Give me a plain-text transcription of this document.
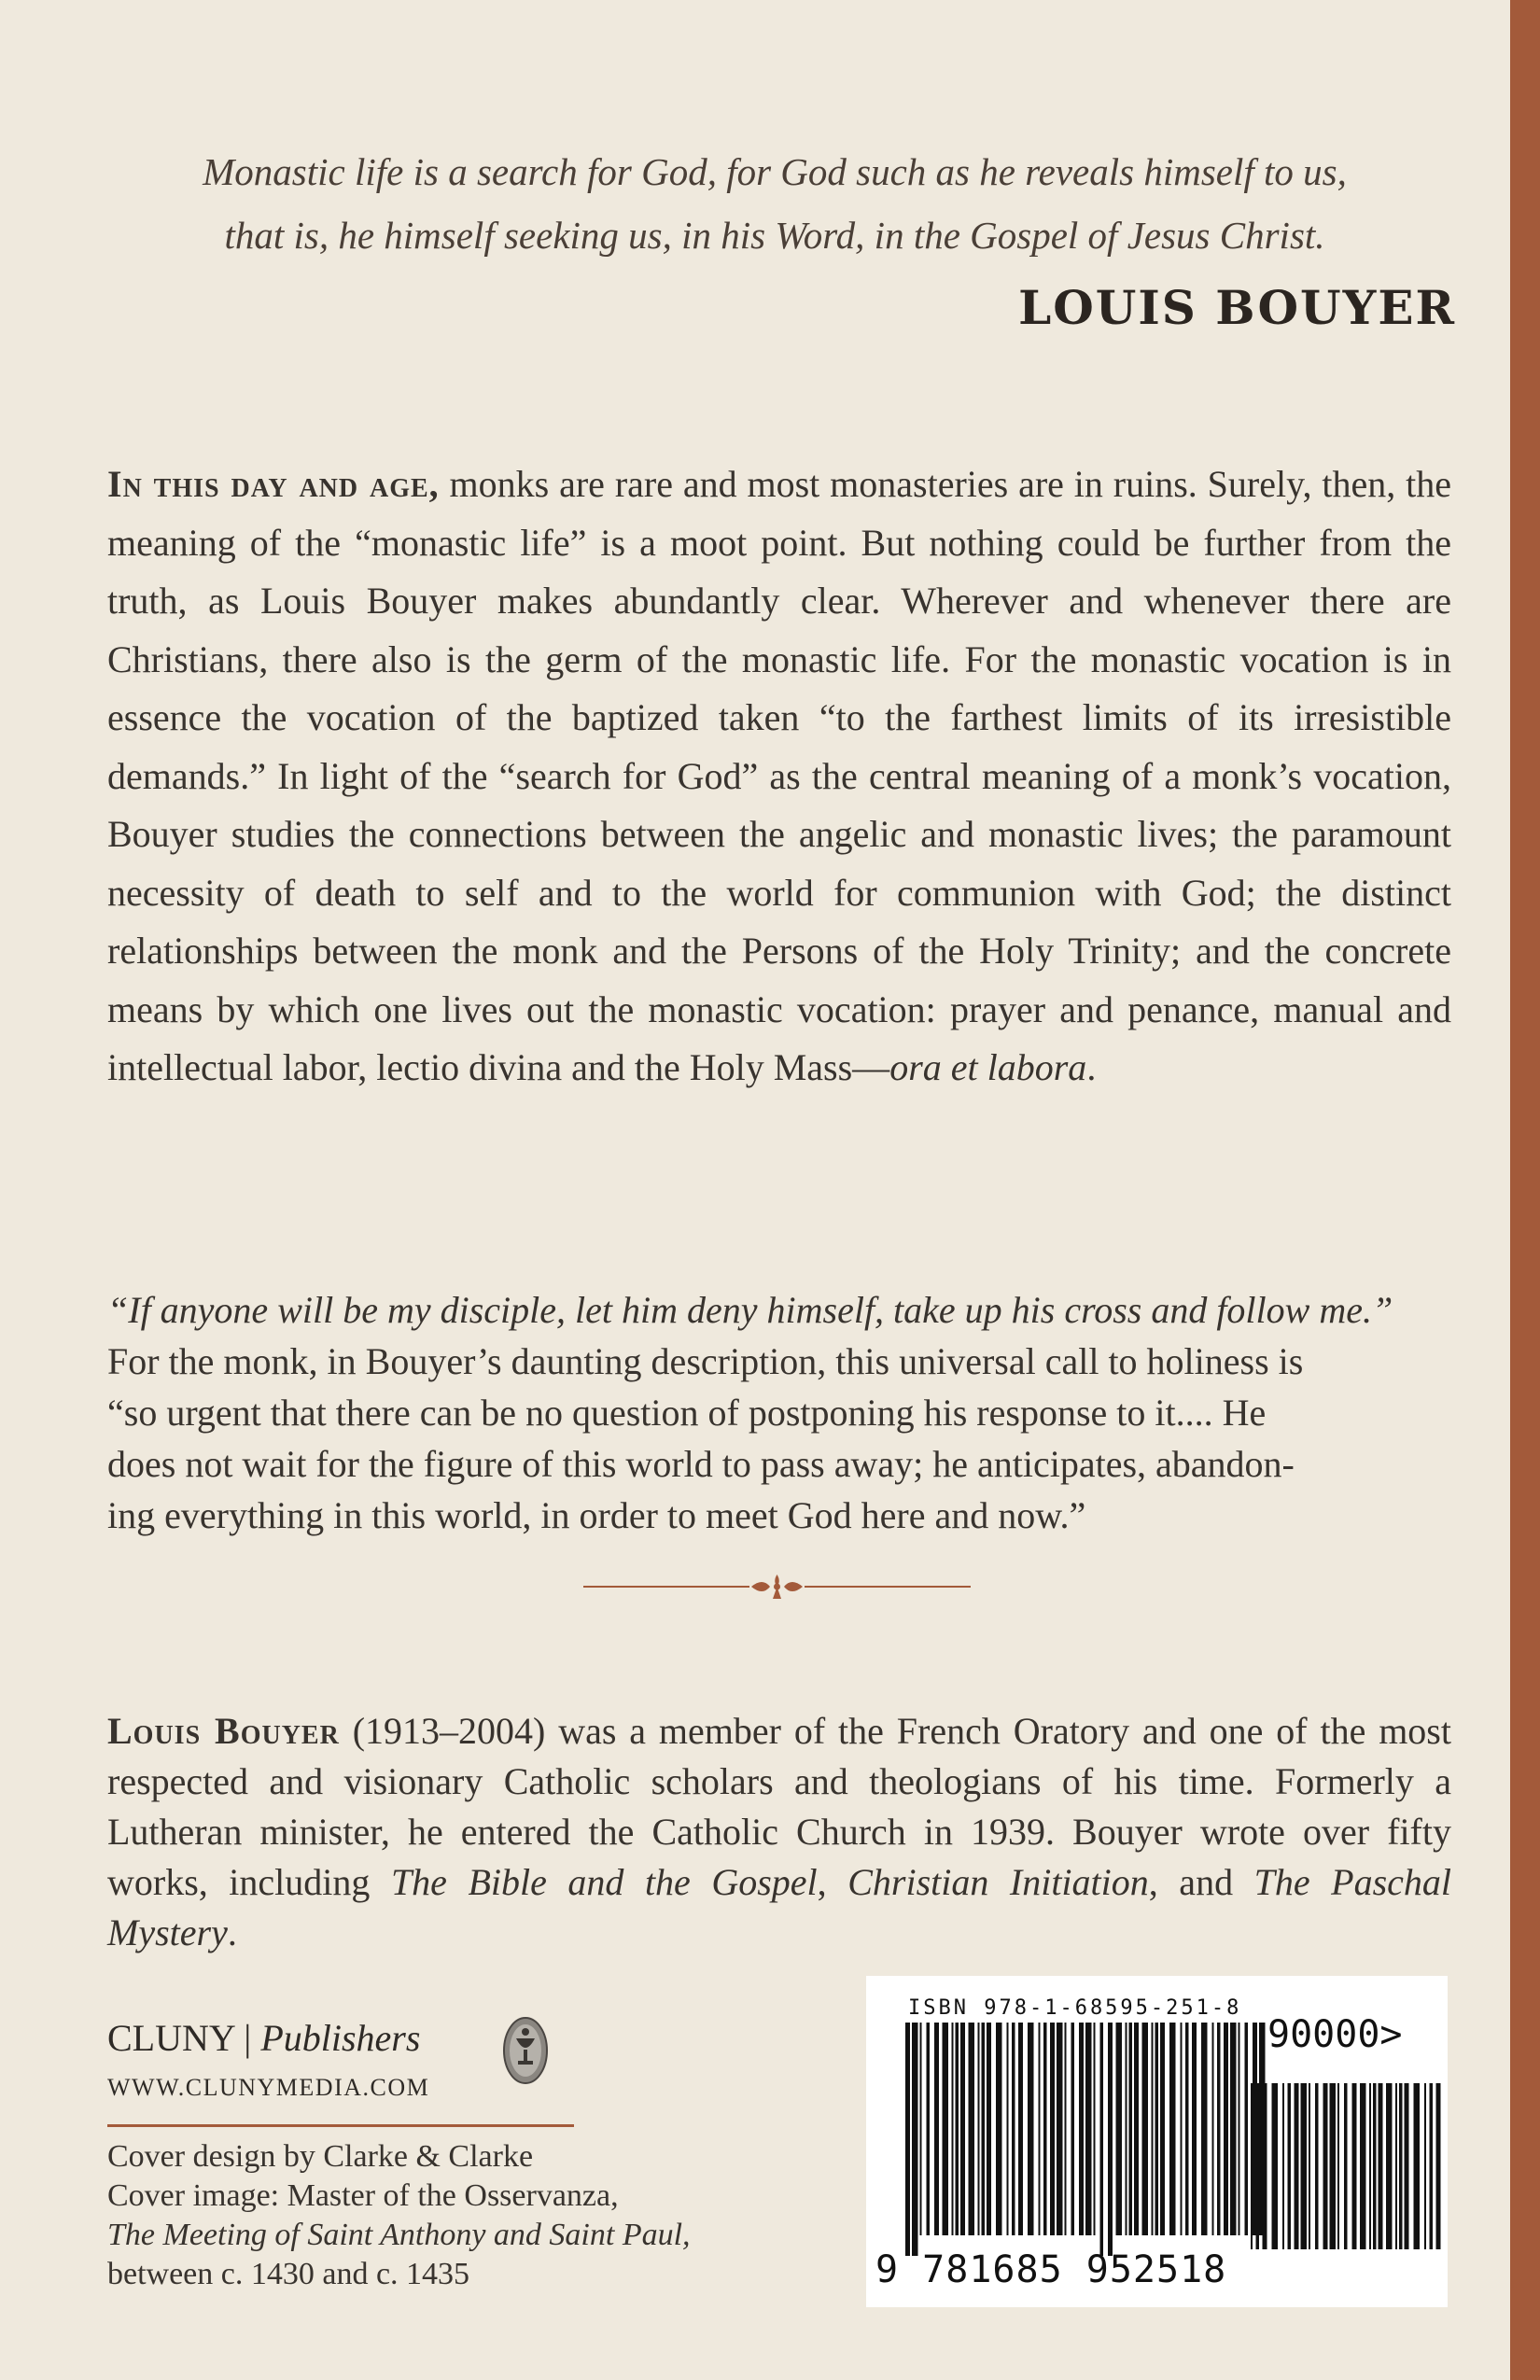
Monastic life is a search for God, for God such as he reveals himself to us,

that is, he himself seeking us, in his Word, in the Gospel of Jesus Christ.

LOUIS BOUYER
In this day and age, monks are rare and most monasteries are in ruins. Surely, then, the meaning of the “monastic life” is a moot point. But nothing could be further from the truth, as Louis Bouyer makes abundantly clear. Wherever and whenever there are Christians, there also is the germ of the monastic life. For the monastic vocation is in essence the vocation of the baptized taken “to the farthest limits of its irresistible demands.” In light of the “search for God” as the central meaning of a monk’s vocation, Bouyer studies the connections between the angelic and monastic lives; the paramount necessity of death to self and to the world for communion with God; the distinct relationships between the monk and the Persons of the Holy Trinity; and the concrete means by which one lives out the monastic vocation: prayer and penance, manual and intellectual labor, lectio divina and the Holy Mass—ora et labora.
“If anyone will be my disciple, let him deny himself, take up his cross and follow me.”
For the monk, in Bouyer’s daunting description, this universal call to holiness is
“so urgent that there can be no question of postponing his response to it.... He
does not wait for the figure of this world to pass away; he anticipates, abandon-
ing everything in this world, in order to meet God here and now.”
Louis Bouyer (1913–2004) was a member of the French Oratory and one of the most respected and visionary Catholic scholars and theologians of his time. Formerly a Lutheran minister, he entered the Catholic Church in 1939. Bouyer wrote over fifty works, including The Bible and the Gospel, Christian Initiation, and The Paschal Mystery.
CLUNY | Publishers
WWW.CLUNYMEDIA.COM
Cover design by Clarke & Clarke
Cover image: Master of the Osservanza,
The Meeting of Saint Anthony and Saint Paul,
between c. 1430 and c. 1435
ISBN 978-1-68595-251-8
90000>
9 781685 952518
